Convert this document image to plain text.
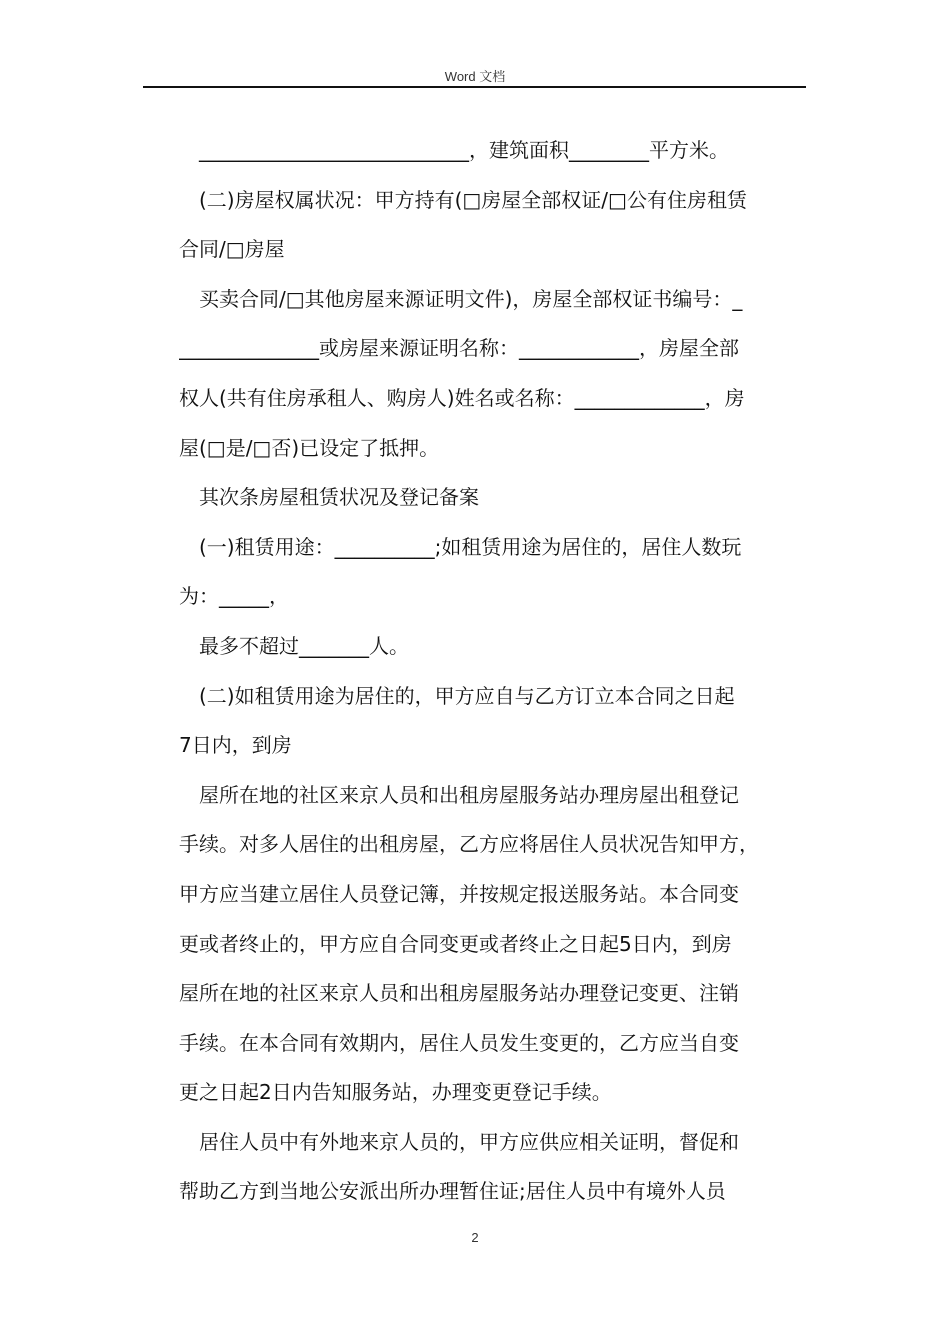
Word 文档
___________________________，建筑面积________平方米。
(二)房屋权属状况：甲方持有(□房屋全部权证/□公有住房租赁
合同/□房屋
买卖合同/□其他房屋来源证明文件)，房屋全部权证书编号：_
______________或房屋来源证明名称：____________，房屋全部
权人(共有住房承租人、购房人)姓名或名称：_____________，房
屋(□是/□否)已设定了抵押。
其次条房屋租赁状况及登记备案
(一)租赁用途：__________;如租赁用途为居住的，居住人数玩
为：_____，
最多不超过_______人。
(二)如租赁用途为居住的，甲方应自与乙方订立本合同之日起
7日内，到房
屋所在地的社区来京人员和出租房屋服务站办理房屋出租登记
手续。对多人居住的出租房屋，乙方应将居住人员状况告知甲方，
甲方应当建立居住人员登记簿，并按规定报送服务站。本合同变
更或者终止的，甲方应自合同变更或者终止之日起5日内，到房
屋所在地的社区来京人员和出租房屋服务站办理登记变更、注销
手续。在本合同有效期内，居住人员发生变更的，乙方应当自变
更之日起2日内告知服务站，办理变更登记手续。
居住人员中有外地来京人员的，甲方应供应相关证明，督促和
帮助乙方到当地公安派出所办理暂住证;居住人员中有境外人员
2
